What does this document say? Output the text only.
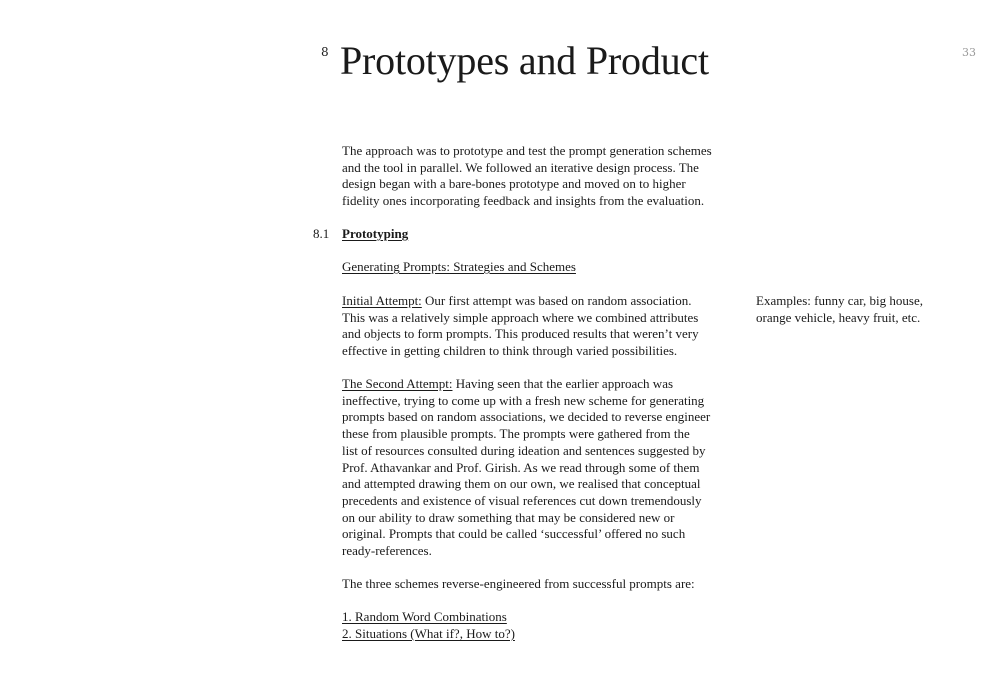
8 Prototypes and Product	33

The approach was to prototype and test the prompt generation schemes
and the tool in parallel. We followed an iterative design process. The
design began with a bare-bones prototype and moved on to higher
fidelity ones incorporating feedback and insights from the evaluation.

8.1 Prototyping

Generating Prompts: Strategies and Schemes

Initial Attempt: Our first attempt was based on random association.
This was a relatively simple approach where we combined attributes
and objects to form prompts. This produced results that weren’t very
effective in getting children to think through varied possibilities.

Examples: funny car, big house,
orange vehicle, heavy fruit, etc.

The Second Attempt: Having seen that the earlier approach was
ineffective, trying to come up with a fresh new scheme for generating
prompts based on random associations, we decided to reverse engineer
these from plausible prompts. The prompts were gathered from the
list of resources consulted during ideation and sentences suggested by
Prof. Athavankar and Prof. Girish. As we read through some of them
and attempted drawing them on our own, we realised that conceptual
precedents and existence of visual references cut down tremendously
on our ability to draw something that may be considered new or
original. Prompts that could be called ‘successful’ offered no such
ready-references.

The three schemes reverse-engineered from successful prompts are:

1. Random Word Combinations
2. Situations (What if?, How to?)
